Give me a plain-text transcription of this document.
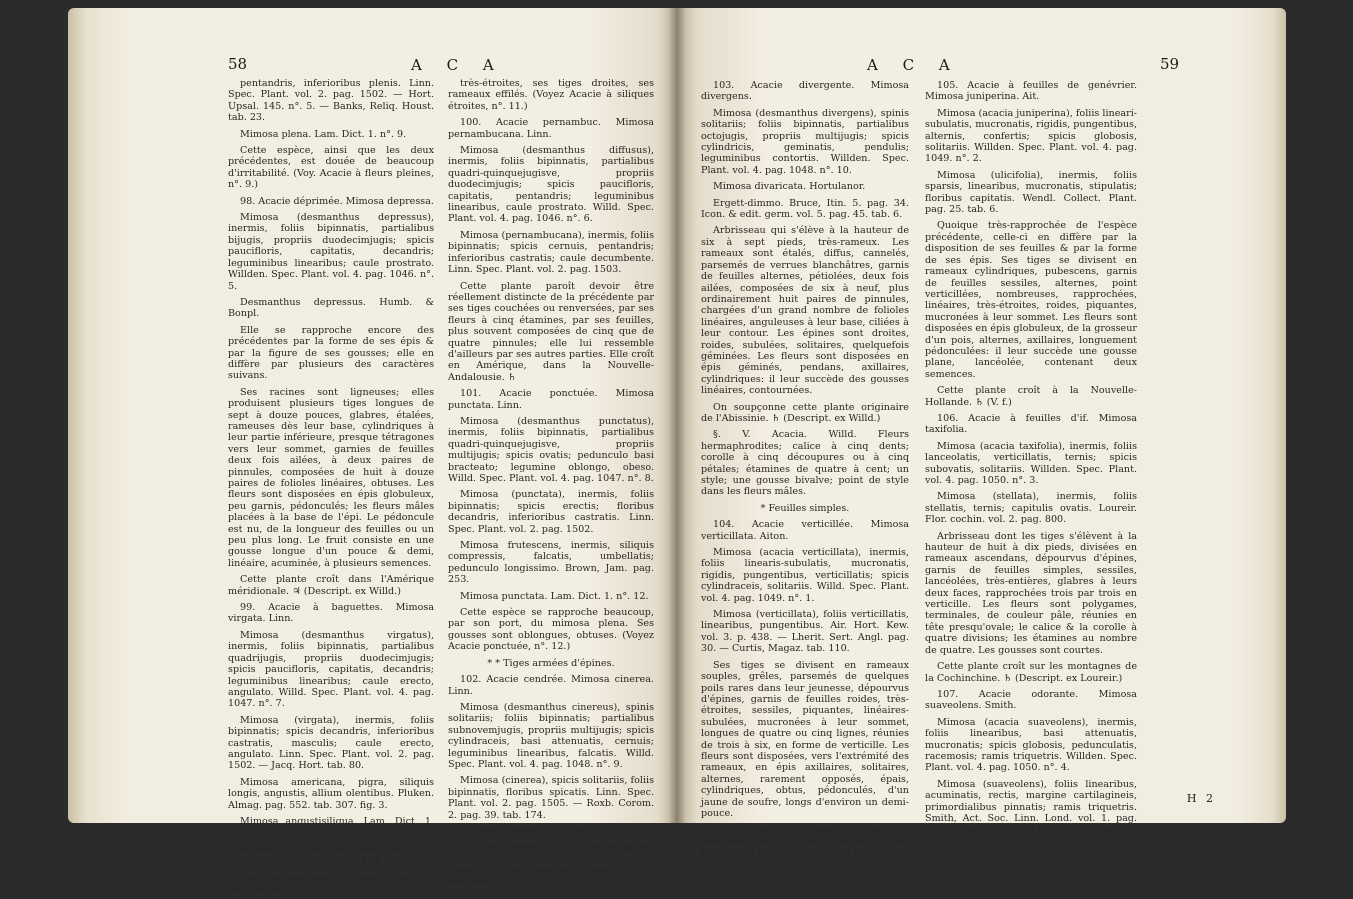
58	A C A

pentandris, inferioribus plenis. Linn. Spec. Plant. vol. 2. pag. 1502. — Hort. Upsal. 145. n°. 5. — Banks, Reliq. Houst. tab. 23.

Mimosa plena. Lam. Dict. 1. n°. 9.

Cette espèce, ainsi que les deux précédentes, est douée de beaucoup d'irritabilité. (Voy. Acacie à fleurs pleines, n°. 9.)

98. Acacie déprimée. Mimosa depressa.

Mimosa (desmanthus depressus), inermis, foliis bipinnatis, partialibus bijugis, propriis duodecimjugis; spicis paucifloris, capitatis, decandris; leguminibus linearibus; caule prostrato. Willden. Spec. Plant. vol. 4. pag. 1046. n°. 5.

Desmanthus depressus. Humb. & Bonpl.

Elle se rapproche encore des précédentes par la forme de ses épis & par la figure de ses gousses; elle en diffère par plusieurs des caractères suivans.

Ses racines sont ligneuses; elles produisent plusieurs tiges longues de sept à douze pouces, glabres, étalées, rameuses dès leur base, cylindriques à leur partie inférieure, presque tétragones vers leur sommet, garnies de feuilles deux fois ailées, à deux paires de pinnules, composées de huit à douze paires de folioles linéaires, obtuses. Les fleurs sont disposées en épis globuleux, peu garnis, pédonculés; les fleurs mâles placées à la base de l'épi. Le pédoncule est nu, de la longueur des feuilles ou un peu plus long. Le fruit consiste en une gousse longue d'un pouce & demi, linéaire, acuminée, à plusieurs semences.

Cette plante croît dans l'Amérique méridionale. ♃ (Descript. ex Willd.)

99. Acacie à baguettes. Mimosa virgata. Linn.

Mimosa (desmanthus virgatus), inermis, foliis bipinnatis, partialibus quadrijugis, propriis duodecimjugis; spicis paucifloris, capitatis, decandris; leguminibus linearibus; caule erecto, angulato. Willd. Spec. Plant. vol. 4. pag. 1047. n°. 7.

Mimosa (virgata), inermis, foliis bipinnatis; spicis decandris, inferioribus castratis, masculis; caule erecto, angulato. Linn. Spec. Plant. vol. 2. pag. 1502. — Jacq. Hort. tab. 80.

Mimosa americana, pigra, siliquis longis, angustis, allium olentibus. Pluken. Almag. pag. 552. tab. 307. fig. 3.

Mimosa angustisiliqua. Lam. Dict. 1. n°. 11.

Mimosa spuria pernambucana, seu mimosa italica. Zann. Hist. 151.

Ses étamines sont au nombre de dix; ses gousses

très-étroites, ses tiges droites, ses rameaux effilés. (Voyez Acacie à siliques étroites, n°. 11.)

100. Acacie pernambuc. Mimosa pernambucana. Linn.

Mimosa (desmanthus diffusus), inermis, foliis bipinnatis, partialibus quadri-quinquejugisve, propriis duodecimjugis; spicis paucifloris, capitatis, pentandris; leguminibus linearibus, caule prostrato. Willd. Spec. Plant. vol. 4. pag. 1046. n°. 6.

Mimosa (pernambucana), inermis, foliis bipinnatis; spicis cernuis, pentandris; inferioribus castratis; caule decumbente. Linn. Spec. Plant. vol. 2. pag. 1503.

Cette plante paroît devoir être réellement distincte de la précédente par ses tiges couchées ou renversées, par ses fleurs à cinq étamines, par ses feuilles, plus souvent composées de cinq que de quatre pinnules; elle lui ressemble d'ailleurs par ses autres parties. Elle croît en Amérique, dans la Nouvelle-Andalousie. ♄

101. Acacie ponctuée. Mimosa punctata. Linn.

Mimosa (desmanthus punctatus), inermis, foliis bipinnatis, partialibus quadri-quinquejugisve, propriis multijugis; spicis ovatis; pedunculo basi bracteato; legumine oblongo, obeso. Willd. Spec. Plant. vol. 4. pag. 1047. n°. 8.

Mimosa (punctata), inermis, foliis bipinnatis; spicis erectis; floribus decandris, inferioribus castratis. Linn. Spec. Plant. vol. 2. pag. 1502.

Mimosa frutescens, inermis, siliquis compressis, falcatis, umbellatis; pedunculo longissimo. Brown, Jam. pag. 253.

Mimosa punctata. Lam. Dict. 1. n°. 12.

Cette espèce se rapproche beaucoup, par son port, du mimosa plena. Ses gousses sont oblongues, obtuses. (Voyez Acacie ponctuée, n°. 12.)

* * Tiges armées d'épines.

102. Acacie cendrée. Mimosa cinerea. Linn.

Mimosa (desmanthus cinereus), spinis solitariis; foliis bipinnatis; partialibus subnovemjugis, propriis multijugis; spicis cylindraceis, basi attenuatis, cernuis; leguminibus linearibus, falcatis. Willd. Spec. Plant. vol. 4. pag. 1048. n°. 9.

Mimosa (cinerea), spicis solitariis, foliis bipinnatis, floribus spicatis. Linn. Spec. Plant. vol. 2. pag. 1505. — Roxb. Corom. 2. pag. 39. tab. 174.

Mimosa cinerea. Lam. Dict. 1. n°. 33.

Le fruit consiste en une gousse plane, linéaire, courbée en faucille, longue d'environ deux pouces. (Voyez Acacie cendrée, n°. 33.)

A C A	59

103. Acacie divergente. Mimosa divergens.

Mimosa (desmanthus divergens), spinis solitariis; foliis bipinnatis, partialibus octojugis, propriis multijugis; spicis cylindricis, geminatis, pendulis; leguminibus contortis. Willden. Spec. Plant. vol. 4. pag. 1048. n°. 10.

Mimosa divaricata. Hortulanor.

Ergett-dimmo. Bruce, Itin. 5. pag. 34. Icon. & edit. germ. vol. 5. pag. 45. tab. 6.

Arbrisseau qui s'élève à la hauteur de six à sept pieds, très-rameux. Les rameaux sont étalés, diffus, cannelés, parsemés de verrues blanchâtres, garnis de feuilles alternes, pétiolées, deux fois ailées, composées de six à neuf, plus ordinairement huit paires de pinnules, chargées d'un grand nombre de folioles linéaires, anguleuses à leur base, ciliées à leur contour. Les épines sont droites, roides, subulées, solitaires, quelquefois géminées. Les fleurs sont disposées en épis géminés, pendans, axillaires, cylindriques: il leur succède des gousses linéaires, contournées.

On soupçonne cette plante originaire de l'Abissinie. ♄ (Descript. ex Willd.)

§. V. Acacia. Willd. Fleurs hermaphrodites; calice à cinq dents; corolle à cinq découpures ou à cinq pétales; étamines de quatre à cent; un style; une gousse bivalve; point de style dans les fleurs mâles.

* Feuilles simples.

104. Acacie verticillée. Mimosa verticillata. Aiton.

Mimosa (acacia verticillata), inermis, foliis linearis-subulatis, mucronatis, rigidis, pungentibus, verticillatis; spicis cylindraceis, solitariis. Willd. Spec. Plant. vol. 4. pag. 1049. n°. 1.

Mimosa (verticillata), foliis verticillatis, linearibus, pungentibus. Air. Hort. Kew. vol. 3. p. 438. — Lherit. Sert. Angl. pag. 30. — Curtis, Magaz. tab. 110.

Ses tiges se divisent en rameaux souples, grêles, parsemés de quelques poils rares dans leur jeunesse, dépourvus d'épines, garnis de feuilles roides, très-étroites, sessiles, piquantes, linéaires-subulées, mucronées à leur sommet, longues de quatre ou cinq lignes, réunies de trois à six, en forme de verticille. Les fleurs sont disposées, vers l'extrémité des rameaux, en épis axillaires, solitaires, alternes, rarement opposés, épais, cylindriques, obtus, pédonculés, d'un jaune de soufre, longs d'environ un demi-pouce.

Cette plante croît dans la Nouvelle-Hollande. On la cultive dans les jardins botaniques de l'Europe. ♄ (V. f.)

105. Acacie à feuilles de genévrier. Mimosa juniperina. Ait.

Mimosa (acacia juniperina), foliis lineari-subulatis, mucronatis, rigidis, pungentibus, alternis, confertis; spicis globosis, solitariis. Willden. Spec. Plant. vol. 4. pag. 1049. n°. 2.

Mimosa (ulicifolia), inermis, foliis sparsis, linearibus, mucronatis, stipulatis; floribus capitatis. Wendl. Collect. Plant. pag. 25. tab. 6.

Quoique très-rapprochée de l'espèce précédente, celle-ci en diffère par la disposition de ses feuilles & par la forme de ses épis. Ses tiges se divisent en rameaux cylindriques, pubescens, garnis de feuilles sessiles, alternes, point verticillées, nombreuses, rapprochées, linéaires, très-étroites, roides, piquantes, mucronées à leur sommet. Les fleurs sont disposées en épis globuleux, de la grosseur d'un pois, alternes, axillaires, longuement pédonculées: il leur succède une gousse plane, lancéolée, contenant deux semences.

Cette plante croît à la Nouvelle-Hollande. ♄ (V. f.)

106. Acacie à feuilles d'if. Mimosa taxifolia.

Mimosa (acacia taxifolia), inermis, foliis lanceolatis, verticillatis, ternis; spicis subovatis, solitariis. Willden. Spec. Plant. vol. 4. pag. 1050. n°. 3.

Mimosa (stellata), inermis, foliis stellatis, ternis; capitulis ovatis. Loureir. Flor. cochin. vol. 2. pag. 800.

Arbrisseau dont les tiges s'élèvent à la hauteur de huit à dix pieds, divisées en rameaux ascendans, dépourvus d'épines, garnis de feuilles simples, sessiles, lancéolées, très-entières, glabres à leurs deux faces, rapprochées trois par trois en verticille. Les fleurs sont polygames, terminales, de couleur pâle, réunies en tête presqu'ovale; le calice & la corolle à quatre divisions; les étamines au nombre de quatre. Les gousses sont courtes.

Cette plante croît sur les montagnes de la Cochinchine. ♄ (Descript. ex Loureir.)

107. Acacie odorante. Mimosa suaveolens. Smith.

Mimosa (acacia suaveolens), inermis, foliis linearibus, basi attenuatis, mucronatis; spicis globosis, pedunculatis, racemosis; ramis triquetris. Willden. Spec. Plant. vol. 4. pag. 1050. n°. 4.

Mimosa (suaveolens), foliis linearibus, acuminatis, rectis, margine cartilagineis, primordialibus pinnatis; ramis triquetris. Smith, Act. Soc. Linn. Lond. vol. 1. pag. 253. — Labillard. Nov. Holl. vol. 2. pag. 87. tab. 236.

H 2
